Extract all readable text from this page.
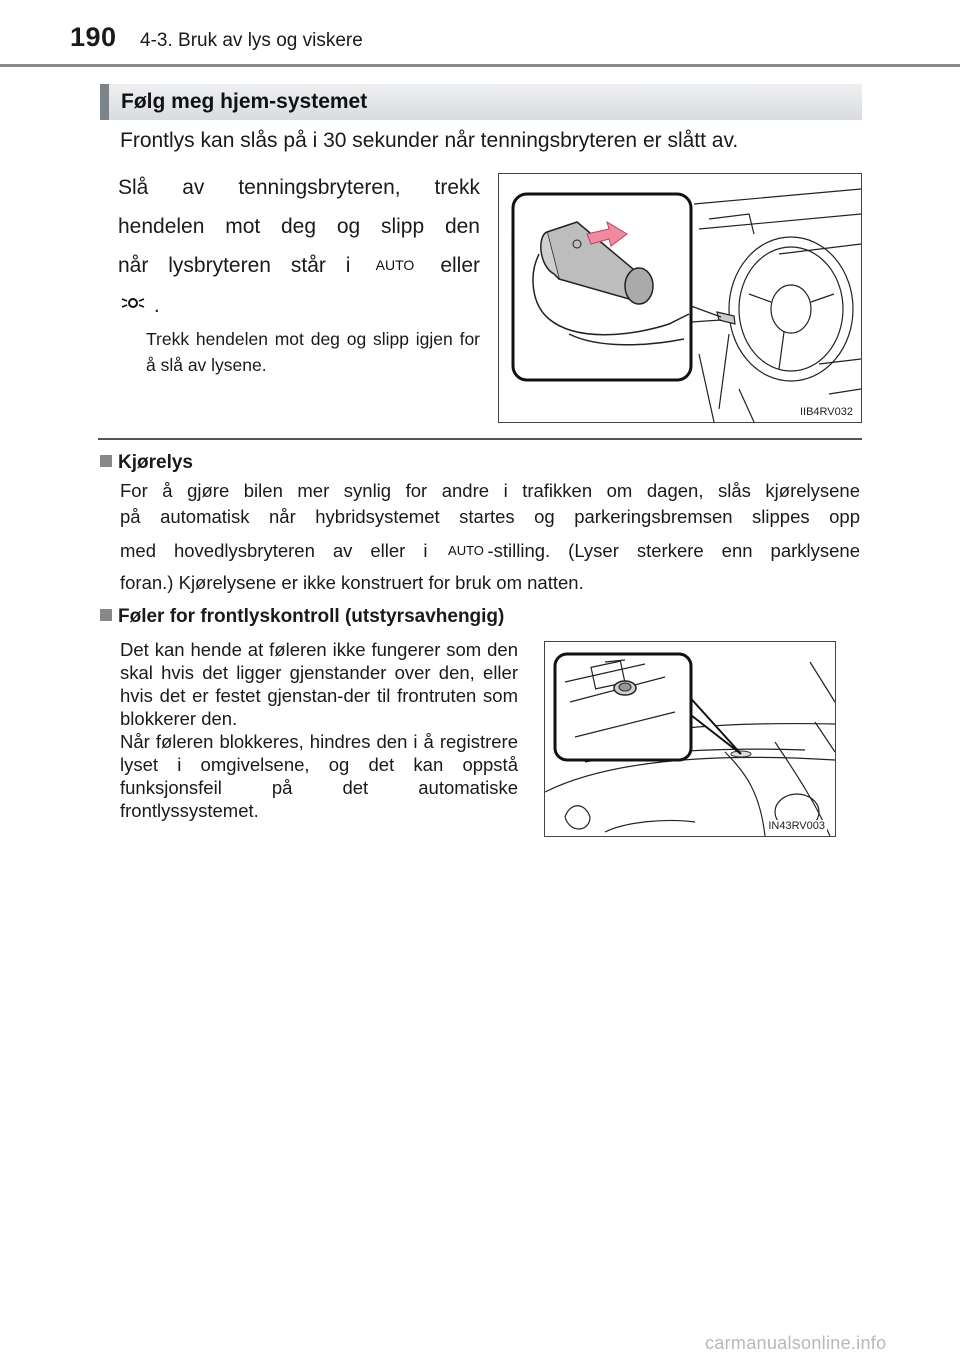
190 4-3. Bruk av lys og viskere
Følg meg hjem-systemet
Frontlys kan slås på i 30 sekunder når tenningsbryteren er slått av.
Slå av tenningsbryteren, trekk
hendelen mot deg og slipp den
når lysbryteren står i AUTO eller
.
Trekk hendelen mot deg og slipp igjen for å slå av lysene.
IIB4RV032
Kjørelys
For å gjøre bilen mer synlig for andre i trafikken om dagen, slås kjørelysene
på automatisk når hybridsystemet startes og parkeringsbremsen slippes opp
med hovedlysbryteren av eller i AUTO -stilling. (Lyser sterkere enn parklysene
foran.) Kjørelysene er ikke konstruert for bruk om natten.
Føler for frontlyskontroll (utstyrsavhengig)

Det kan hende at føleren ikke fungerer som den skal hvis det ligger gjenstander over den, eller hvis det er festet gjenstan-der til frontruten som blokkerer den.

Når føleren blokkeres, hindres den i å registrere lyset i omgivelsene, og det kan oppstå funksjonsfeil på det automatiske frontlyssystemet.

IN43RV003
carmanualsonline.info
